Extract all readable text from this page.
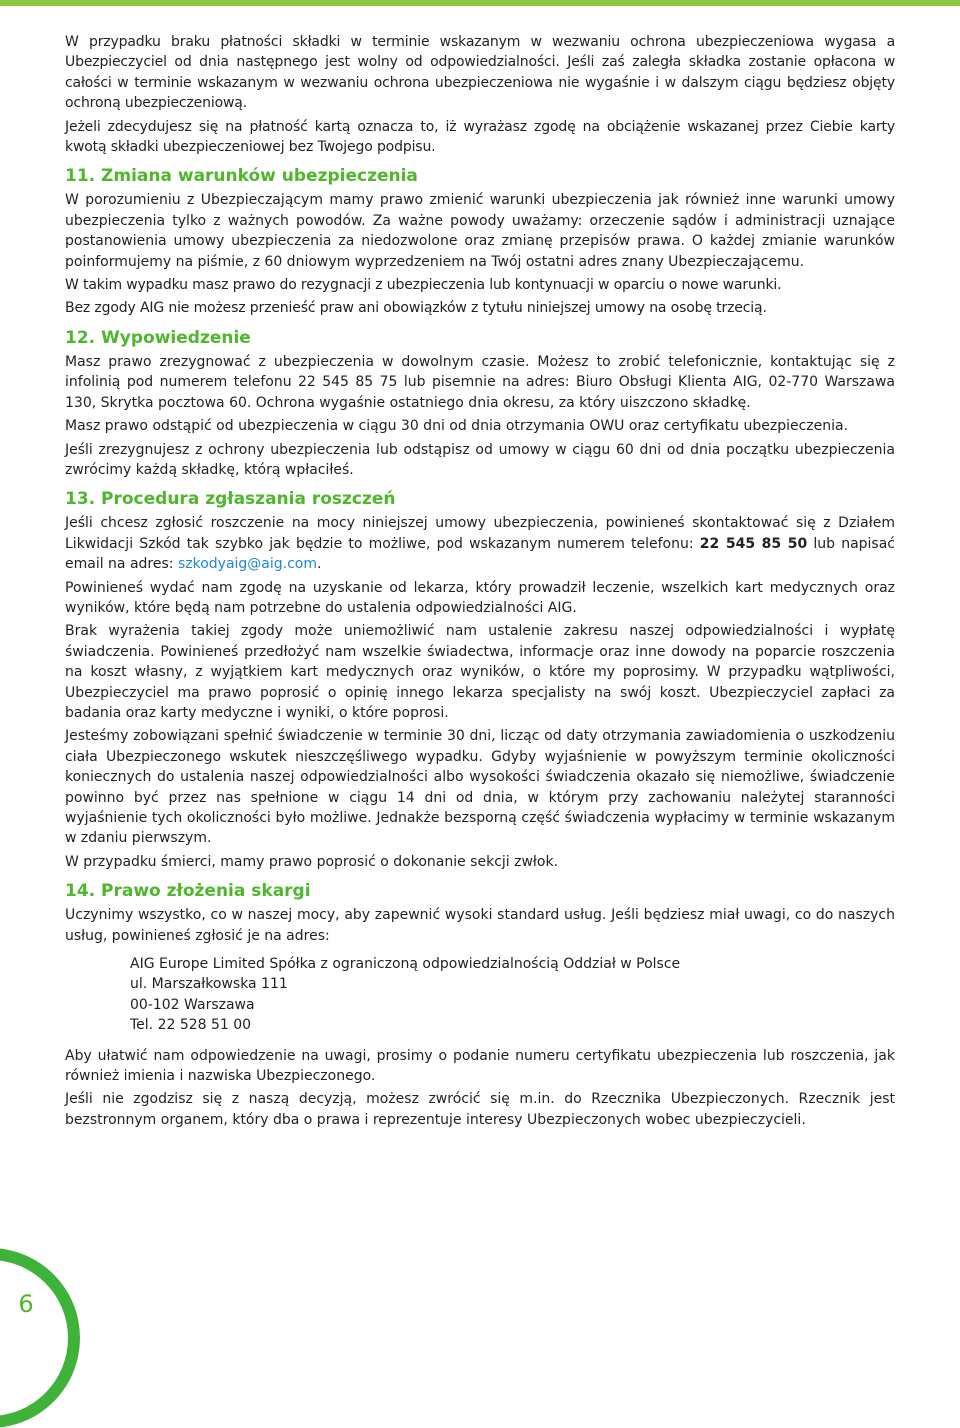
W przypadku braku płatności składki w terminie wskazanym w wezwaniu ochrona ubezpieczeniowa wygasa a Ubezpieczyciel od dnia następnego jest wolny od odpowiedzialności. Jeśli zaś zaległa składka zostanie opłacona w całości w terminie wskazanym w wezwaniu ochrona ubezpieczeniowa nie wygaśnie i w dalszym ciągu będziesz objęty ochroną ubezpieczeniową.

Jeżeli zdecydujesz się na płatność kartą oznacza to, iż wyrażasz zgodę na obciążenie wskazanej przez Ciebie karty kwotą składki ubezpieczeniowej bez Twojego podpisu.

11. Zmiana warunków ubezpieczenia

W porozumieniu z Ubezpieczającym mamy prawo zmienić warunki ubezpieczenia jak również inne warunki umowy ubezpieczenia tylko z ważnych powodów. Za ważne powody uważamy: orzeczenie sądów i administracji uznające postanowienia umowy ubezpieczenia za niedozwolone oraz zmianę przepisów prawa. O każdej zmianie warunków poinformujemy na piśmie, z 60 dniowym wyprzedzeniem na Twój ostatni adres znany Ubezpieczającemu.

W takim wypadku masz prawo do rezygnacji z ubezpieczenia lub kontynuacji w oparciu o nowe warunki.

Bez zgody AIG nie możesz przenieść praw ani obowiązków z tytułu niniejszej umowy na osobę trzecią.

12. Wypowiedzenie

Masz prawo zrezygnować z ubezpieczenia w dowolnym czasie. Możesz to zrobić telefonicznie, kontaktując się z infolinią pod numerem telefonu 22 545 85 75 lub pisemnie na adres: Biuro Obsługi Klienta AIG, 02-770 Warszawa 130, Skrytka pocztowa 60. Ochrona wygaśnie ostatniego dnia okresu, za który uiszczono składkę.

Masz prawo odstąpić od ubezpieczenia w ciągu 30 dni od dnia otrzymania OWU oraz certyfikatu ubezpieczenia.

Jeśli zrezygnujesz z ochrony ubezpieczenia lub odstąpisz od umowy w ciągu 60 dni od dnia początku ubezpieczenia zwrócimy każdą składkę, którą wpłaciłeś.

13. Procedura zgłaszania roszczeń

Jeśli chcesz zgłosić roszczenie na mocy niniejszej umowy ubezpieczenia, powinieneś skontaktować się z Działem Likwidacji Szkód tak szybko jak będzie to możliwe, pod wskazanym numerem telefonu: 22 545 85 50 lub napisać email na adres: szkodyaig@aig.com.

Powinieneś wydać nam zgodę na uzyskanie od lekarza, który prowadził leczenie, wszelkich kart medycznych oraz wyników, które będą nam potrzebne do ustalenia odpowiedzialności AIG.

Brak wyrażenia takiej zgody może uniemożliwić nam ustalenie zakresu naszej odpowiedzialności i wypłatę świadczenia. Powinieneś przedłożyć nam wszelkie świadectwa, informacje oraz inne dowody na poparcie roszczenia na koszt własny, z wyjątkiem kart medycznych oraz wyników, o które my poprosimy. W przypadku wątpliwości, Ubezpieczyciel ma prawo poprosić o opinię innego lekarza specjalisty na swój koszt. Ubezpieczyciel zapłaci za badania oraz karty medyczne i wyniki, o które poprosi.

Jesteśmy zobowiązani spełnić świadczenie w terminie 30 dni, licząc od daty otrzymania zawiadomienia o uszkodzeniu ciała Ubezpieczonego wskutek nieszczęśliwego wypadku. Gdyby wyjaśnienie w powyższym terminie okoliczności koniecznych do ustalenia naszej odpowiedzialności albo wysokości świadczenia okazało się niemożliwe, świadczenie powinno być przez nas spełnione w ciągu 14 dni od dnia, w którym przy zachowaniu należytej staranności wyjaśnienie tych okoliczności było możliwe. Jednakże bezsporną część świadczenia wypłacimy w terminie wskazanym w zdaniu pierwszym.

W przypadku śmierci, mamy prawo poprosić o dokonanie sekcji zwłok.

14. Prawo złożenia skargi

Uczynimy wszystko, co w naszej mocy, aby zapewnić wysoki standard usług. Jeśli będziesz miał uwagi, co do naszych usług, powinieneś zgłosić je na adres:

AIG Europe Limited Spółka z ograniczoną odpowiedzialnością Oddział w Polsce
ul. Marszałkowska 111
00-102 Warszawa
Tel. 22 528 51 00

Aby ułatwić nam odpowiedzenie na uwagi, prosimy o podanie numeru certyfikatu ubezpieczenia lub roszczenia, jak również imienia i nazwiska Ubezpieczonego.

Jeśli nie zgodzisz się z naszą decyzją, możesz zwrócić się m.in. do Rzecznika Ubezpieczonych. Rzecznik jest bezstronnym organem, który dba o prawa i reprezentuje interesy Ubezpieczonych wobec ubezpieczycieli.

6
